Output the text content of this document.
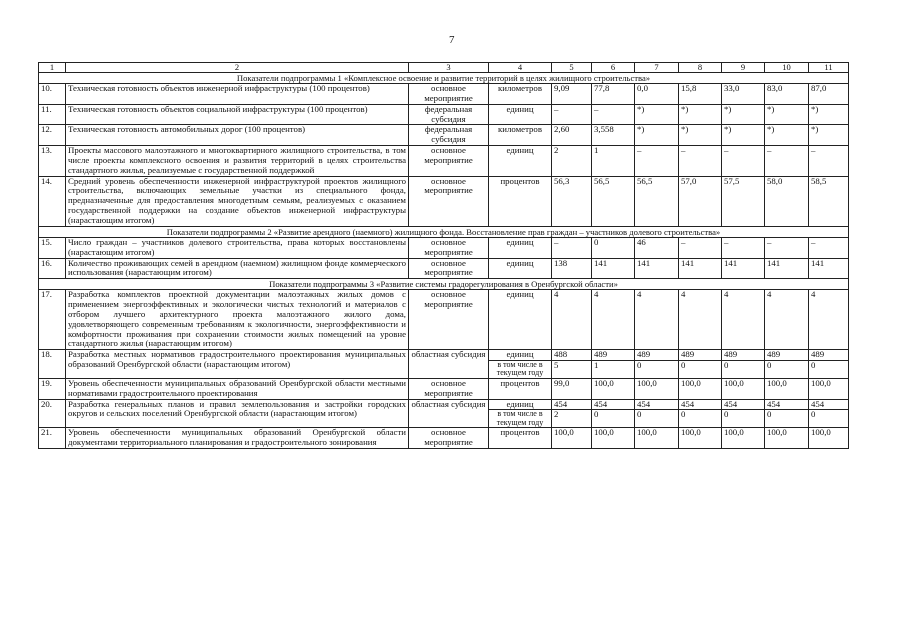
7
1	2	3	4	5	6	7	8	9	10	11
Показатели подпрограммы 1 «Комплексное освоение и развитие территорий в целях жилищного строительства»										
10.	Техническая готовность объектов инженерной инфраструктуры (100 процентов)	основное мероприятие	километров	9,09	77,8	0,0	15,8	33,0	83,0	87,0
11.	Техническая готовность объектов социальной инфраструктуры (100 процентов)	федеральная субсидия	единиц	–	–	*)	*)	*)	*)	*)
12.	Техническая готовность автомобильных дорог (100 процентов)	федеральная субсидия	километров	2,60	3,558	*)	*)	*)	*)	*)
13.	Проекты массового малоэтажного и многоквартирного жилищного строительства, в том числе проекты комплексного освоения и развития территорий в целях строительства стандартного жилья, реализуемые с государственной поддержкой	основное мероприятие	единиц	2	1	–	–	–	–	–
14.	Средний уровень обеспеченности инженерной инфраструктурой проектов жилищного строительства, включающих земельные участки из специального фонда, предназначенные для предоставления многодетным семьям, реализуемых с оказанием государственной поддержки на создание объектов инженерной инфраструктуры (нарастающим итогом)	основное мероприятие	процентов	56,3	56,5	56,5	57,0	57,5	58,0	58,5
Показатели подпрограммы 2 «Развитие арендного (наемного) жилищного фонда. Восстановление прав граждан – участников долевого строительства»										
15.	Число граждан – участников долевого строительства, права которых восстановлены (нарастающим итогом)	основное мероприятие	единиц	–	0	46	–	–	–	–
16.	Количество проживающих семей в арендном (наемном) жилищном фонде коммерческого использования (нарастающим итогом)	основное мероприятие	единиц	138	141	141	141	141	141	141
Показатели подпрограммы 3 «Развитие системы градорегулирования в Оренбургской области»										
17.	Разработка комплектов проектной документации малоэтажных жилых домов с применением энергоэффективных и экологически чистых технологий и материалов с отбором лучшего архитектурного проекта малоэтажного жилого дома, удовлетворяющего современным требованиям к экологичности, энергоэффективности и комфортности проживания при сохранении стоимости жилых помещений на уровне стандартного жилья (нарастающим итогом)	основное мероприятие	единиц	4	4	4	4	4	4	4
18.	Разработка местных нормативов градостроительного проектирования муниципальных образований Оренбургской области (нарастающим итогом)	областная субсидия	единиц	488	489	489	489	489	489	489
			в том числе в текущем году	5	1	0	0	0	0	0
19.	Уровень обеспеченности муниципальных образований Оренбургской области местными нормативами градостроительного проектирования	основное мероприятие	процентов	99,0	100,0	100,0	100,0	100,0	100,0	100,0
20.	Разработка генеральных планов и правил землепользования и застройки городских округов и сельских поселений Оренбургской области (нарастающим итогом)	областная субсидия	единиц	454	454	454	454	454	454	454
			в том числе в текущем году	2	0	0	0	0	0	0
21.	Уровень обеспеченности муниципальных образований Оренбургской области документами территориального планирования и градостроительного зонирования	основное мероприятие	процентов	100,0	100,0	100,0	100,0	100,0	100,0	100,0
